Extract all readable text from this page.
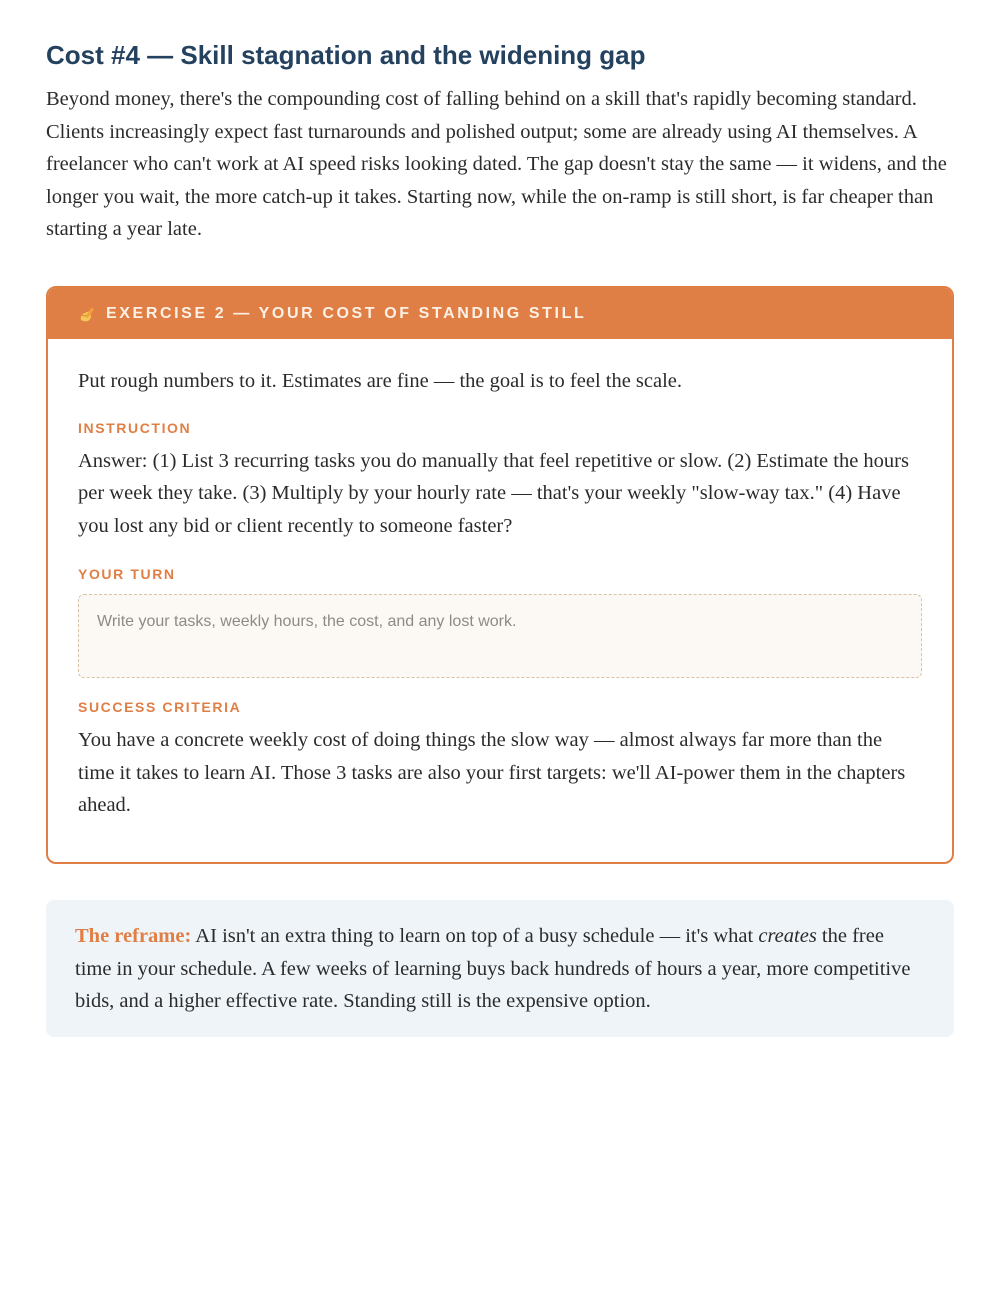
Cost #4 — Skill stagnation and the widening gap

Beyond money, there's the compounding cost of falling behind on a skill that's rapidly becoming standard. Clients increasingly expect fast turnarounds and polished output; some are already using AI themselves. A freelancer who can't work at AI speed risks looking dated. The gap doesn't stay the same — it widens, and the longer you wait, the more catch-up it takes. Starting now, while the on-ramp is still short, is far cheaper than starting a year late.

EXERCISE 2 — YOUR COST OF STANDING STILL

Put rough numbers to it. Estimates are fine — the goal is to feel the scale.

INSTRUCTION

Answer: (1) List 3 recurring tasks you do manually that feel repetitive or slow. (2) Estimate the hours per week they take. (3) Multiply by your hourly rate — that's your weekly "slow-way tax." (4) Have you lost any bid or client recently to someone faster?

YOUR TURN

Write your tasks, weekly hours, the cost, and any lost work.

SUCCESS CRITERIA

You have a concrete weekly cost of doing things the slow way — almost always far more than the time it takes to learn AI. Those 3 tasks are also your first targets: we'll AI-power them in the chapters ahead.

The reframe: AI isn't an extra thing to learn on top of a busy schedule — it's what creates the free time in your schedule. A few weeks of learning buys back hundreds of hours a year, more competitive bids, and a higher effective rate. Standing still is the expensive option.
